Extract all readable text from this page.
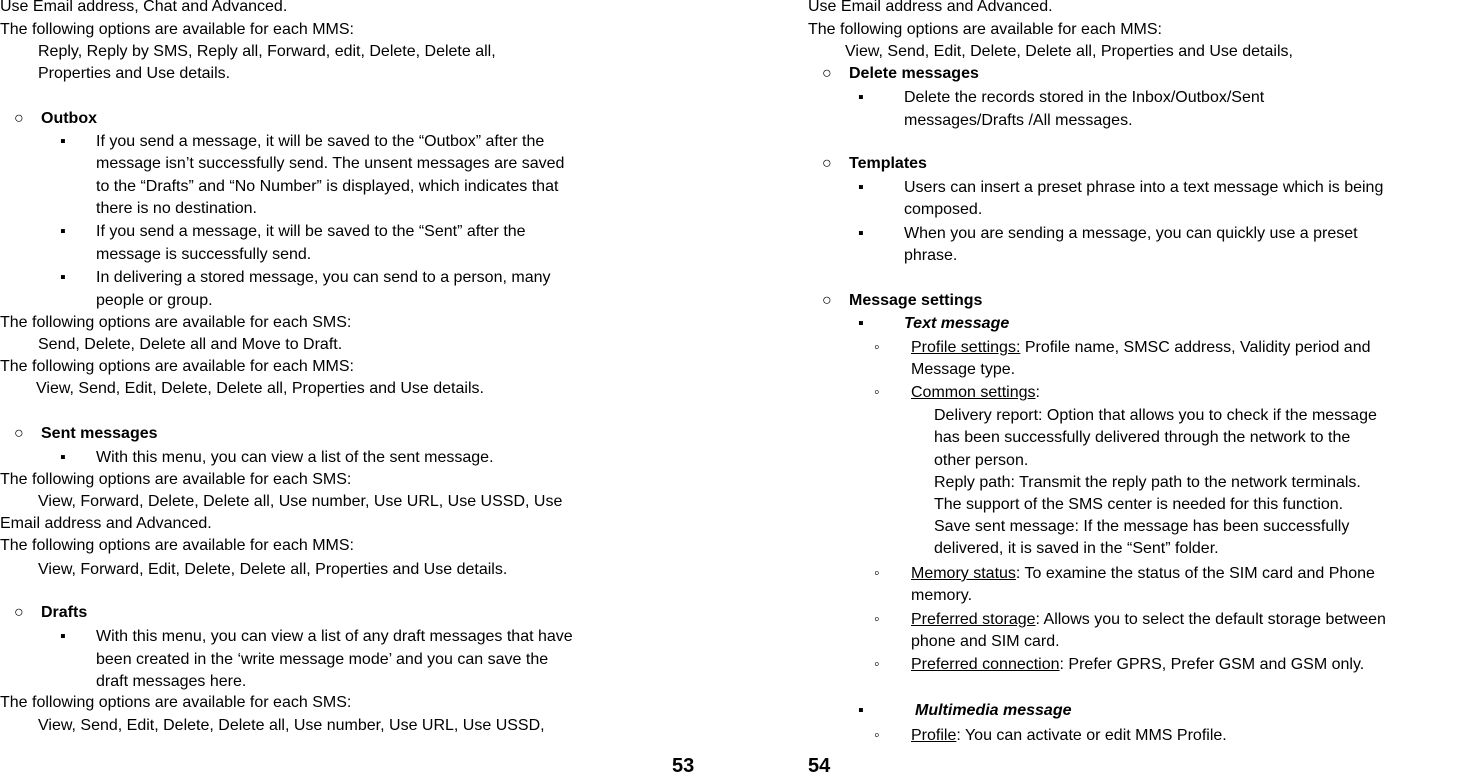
Use Email address, Chat and Advanced.
The following options are available for each MMS:
Reply, Reply by SMS, Reply all, Forward, edit, Delete, Delete all,
Properties and Use details.
○ Outbox
▪ If you send a message, it will be saved to the “Outbox” after the
message isn’t successfully send. The unsent messages are saved
to the “Drafts” and “No Number” is displayed, which indicates that
there is no destination.
▪ If you send a message, it will be saved to the “Sent” after the
message is successfully send.
▪ In delivering a stored message, you can send to a person, many
people or group.
The following options are available for each SMS:
Send, Delete, Delete all and Move to Draft.
The following options are available for each MMS:
View, Send, Edit, Delete, Delete all, Properties and Use details.
○ Sent messages
▪ With this menu, you can view a list of the sent message.
The following options are available for each SMS:
View, Forward, Delete, Delete all, Use number, Use URL, Use USSD, Use
Email address and Advanced.
The following options are available for each MMS:
View, Forward, Edit, Delete, Delete all, Properties and Use details.
○ Drafts
▪ With this menu, you can view a list of any draft messages that have
been created in the ‘write message mode’ and you can save the
draft messages here.
The following options are available for each SMS:
View, Send, Edit, Delete, Delete all, Use number, Use URL, Use USSD,
53
Use Email address and Advanced.
The following options are available for each MMS:
View, Send, Edit, Delete, Delete all, Properties and Use details,
○ Delete messages
▪	Delete the records stored in the Inbox/Outbox/Sent
messages/Drafts /All messages.
○ Templates
▪	Users can insert a preset phrase into a text message which is being
composed.
▪	When you are sending a message, you can quickly use a preset
phrase.
○ Message settings
▪	Text message
◦ Profile settings: Profile name, SMSC address, Validity period and
Message type.
◦ Common settings:
Delivery report: Option that allows you to check if the message
has been successfully delivered through the network to the
other person.
Reply path: Transmit the reply path to the network terminals.
The support of the SMS center is needed for this function.
Save sent message: If the message has been successfully
delivered, it is saved in the “Sent” folder.
◦ Memory status: To examine the status of the SIM card and Phone
memory.
◦ Preferred storage: Allows you to select the default storage between
phone and SIM card.
◦ Preferred connection: Prefer GPRS, Prefer GSM and GSM only.
▪	Multimedia message
◦ Profile: You can activate or edit MMS Profile.
54
